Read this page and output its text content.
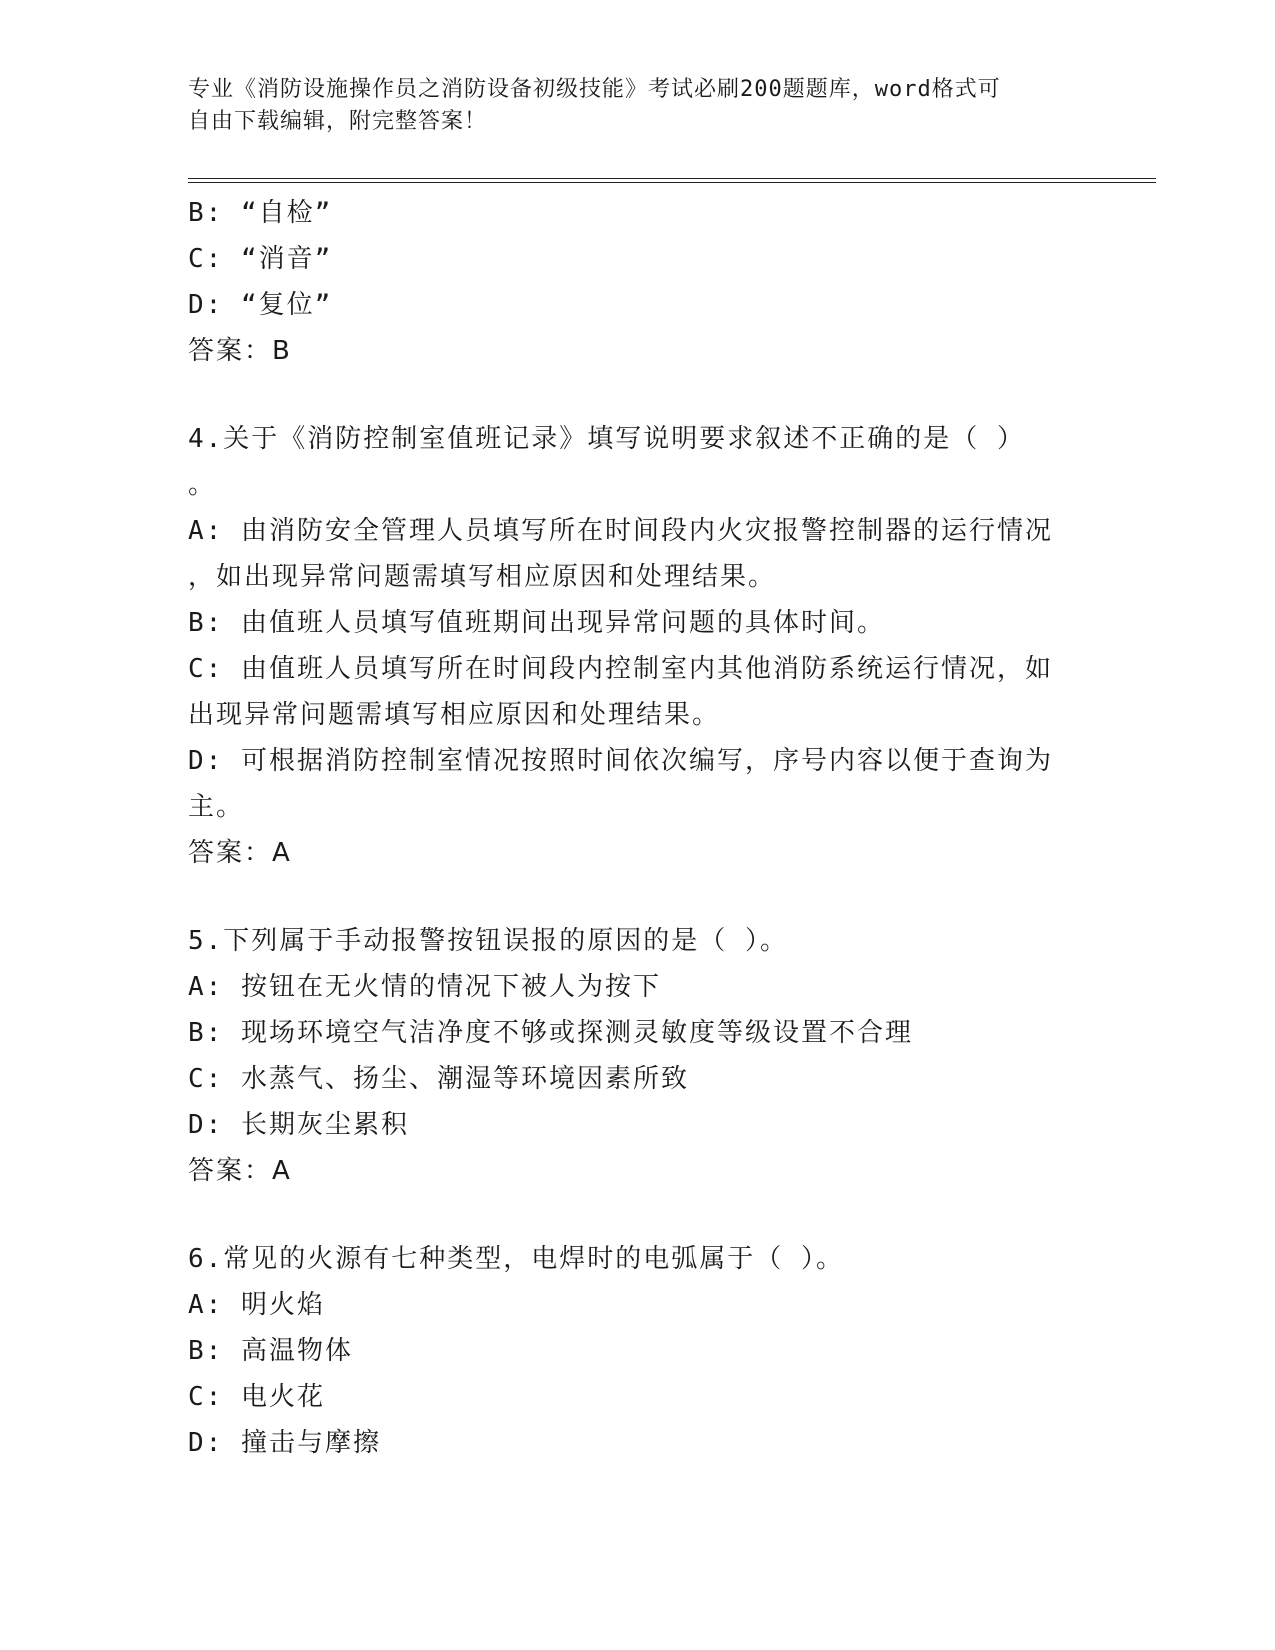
专业《消防设施操作员之消防设备初级技能》考试必刷200题题库，word格式可
自由下载编辑，附完整答案！
B: “自检”
C: “消音”
D: “复位”
答案：B
4.关于《消防控制室值班记录》填写说明要求叙述不正确的是（ ）
。
A: 由消防安全管理人员填写所在时间段内火灾报警控制器的运行情况
，如出现异常问题需填写相应原因和处理结果。
B: 由值班人员填写值班期间出现异常问题的具体时间。
C: 由值班人员填写所在时间段内控制室内其他消防系统运行情况，如
出现异常问题需填写相应原因和处理结果。
D: 可根据消防控制室情况按照时间依次编写，序号内容以便于查询为
主。
答案：A
5.下列属于手动报警按钮误报的原因的是（ ）。
A: 按钮在无火情的情况下被人为按下
B: 现场环境空气洁净度不够或探测灵敏度等级设置不合理
C: 水蒸气、扬尘、潮湿等环境因素所致
D: 长期灰尘累积
答案：A
6.常见的火源有七种类型，电焊时的电弧属于（ ）。
A: 明火焰
B: 高温物体
C: 电火花
D: 撞击与摩擦
